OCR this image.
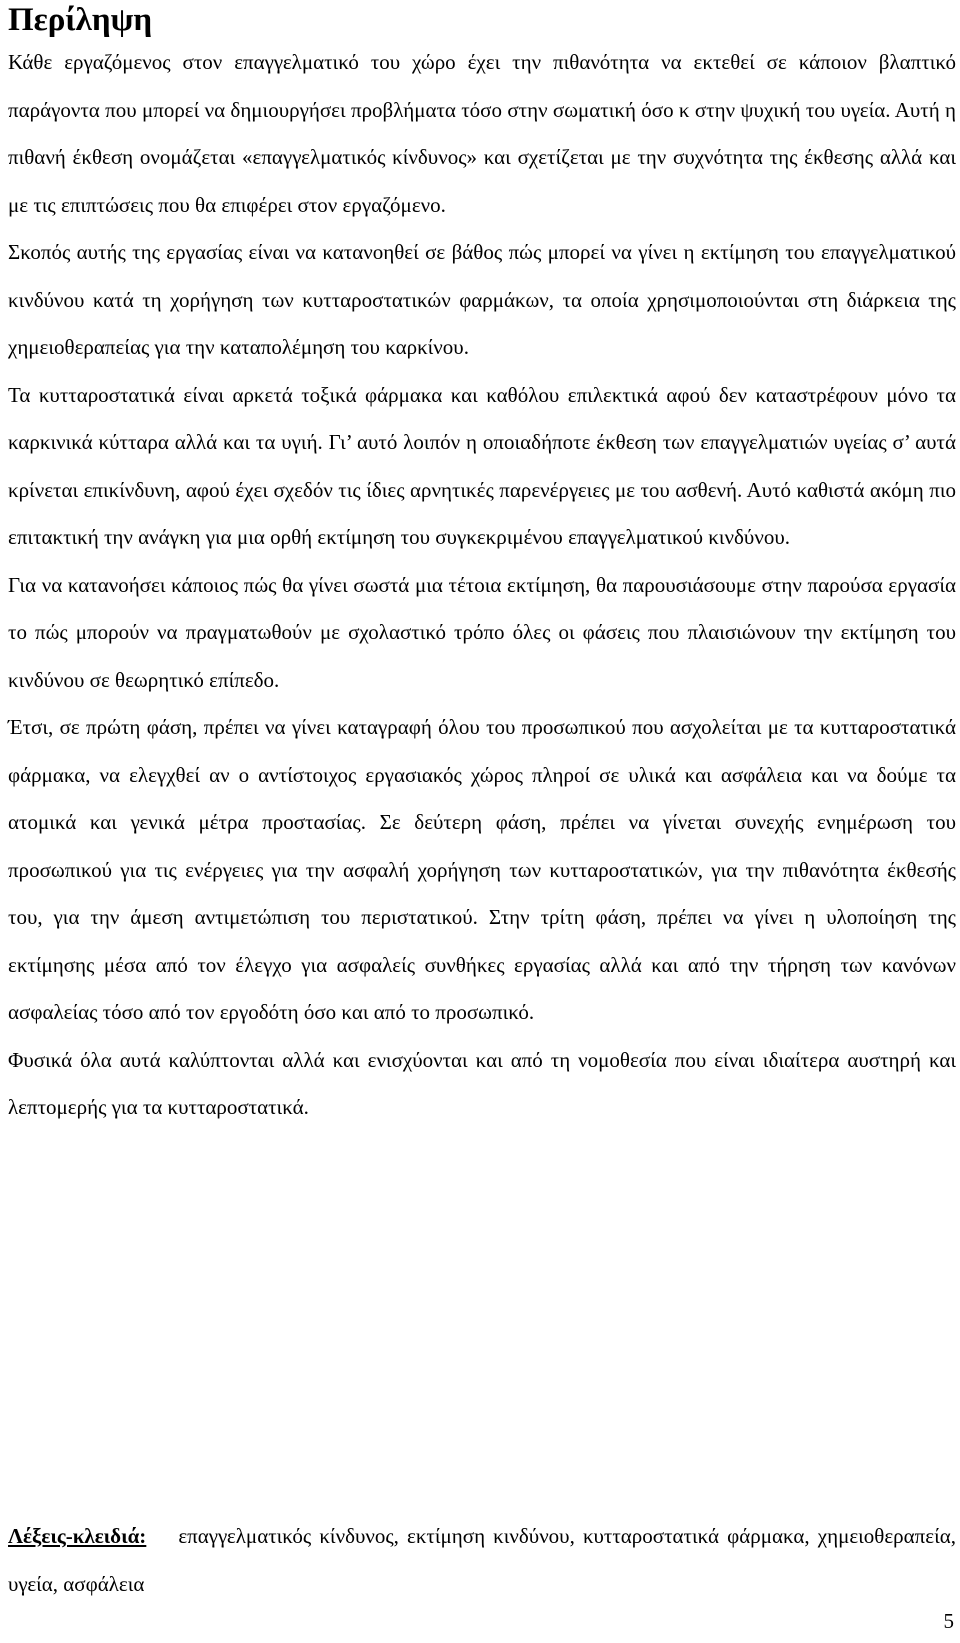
Περίληψη

Κάθε εργαζόμενος στον επαγγελματικό του χώρο έχει την πιθανότητα να εκτεθεί σε κάποιον βλαπτικό παράγοντα που μπορεί να δημιουργήσει προβλήματα τόσο στην σωματική όσο κ στην ψυχική του υγεία. Αυτή η πιθανή έκθεση ονομάζεται «επαγγελματικός κίνδυνος» και σχετίζεται με την συχνότητα της έκθεσης αλλά και με τις επιπτώσεις που θα επιφέρει στον εργαζόμενο.

Σκοπός αυτής της εργασίας είναι να κατανοηθεί σε βάθος πώς μπορεί να γίνει η εκτίμηση του επαγγελματικού κινδύνου κατά τη χορήγηση των κυτταροστατικών φαρμάκων, τα οποία χρησιμοποιούνται στη διάρκεια της χημειοθεραπείας για την καταπολέμηση του καρκίνου.

Τα κυτταροστατικά είναι αρκετά τοξικά φάρμακα και καθόλου επιλεκτικά αφού δεν καταστρέφουν μόνο τα καρκινικά κύτταρα αλλά και τα υγιή. Γι’ αυτό λοιπόν η οποιαδήποτε έκθεση των επαγγελματιών υγείας σ’ αυτά κρίνεται επικίνδυνη, αφού έχει σχεδόν τις ίδιες αρνητικές παρενέργειες με του ασθενή. Αυτό καθιστά ακόμη πιο επιτακτική την ανάγκη για μια ορθή εκτίμηση του συγκεκριμένου επαγγελματικού κινδύνου.

Για να κατανοήσει κάποιος πώς θα γίνει σωστά μια τέτοια εκτίμηση, θα παρουσιάσουμε στην παρούσα εργασία το πώς μπορούν να πραγματωθούν με σχολαστικό τρόπο όλες οι φάσεις που πλαισιώνουν την εκτίμηση του κινδύνου σε θεωρητικό επίπεδο.

Έτσι, σε πρώτη φάση, πρέπει να γίνει καταγραφή όλου του προσωπικού που ασχολείται με τα κυτταροστατικά φάρμακα, να ελεγχθεί αν ο αντίστοιχος εργασιακός χώρος πληροί σε υλικά και ασφάλεια και να δούμε τα ατομικά και γενικά μέτρα προστασίας. Σε δεύτερη φάση, πρέπει να γίνεται συνεχής ενημέρωση του προσωπικού για τις ενέργειες για την ασφαλή χορήγηση των κυτταροστατικών, για την πιθανότητα έκθεσής του, για την άμεση αντιμετώπιση του περιστατικού. Στην τρίτη φάση, πρέπει να γίνει η υλοποίηση της εκτίμησης μέσα από τον έλεγχο για ασφαλείς συνθήκες εργασίας αλλά και από την τήρηση των κανόνων ασφαλείας τόσο από τον εργοδότη όσο και από το προσωπικό.

Φυσικά όλα αυτά καλύπτονται αλλά και ενισχύονται και από τη νομοθεσία που είναι ιδιαίτερα αυστηρή και λεπτομερής για τα κυτταροστατικά.

Λέξεις-κλειδιά: επαγγελματικός κίνδυνος, εκτίμηση κινδύνου, κυτταροστατικά φάρμακα, χημειοθεραπεία, υγεία, ασφάλεια

5
